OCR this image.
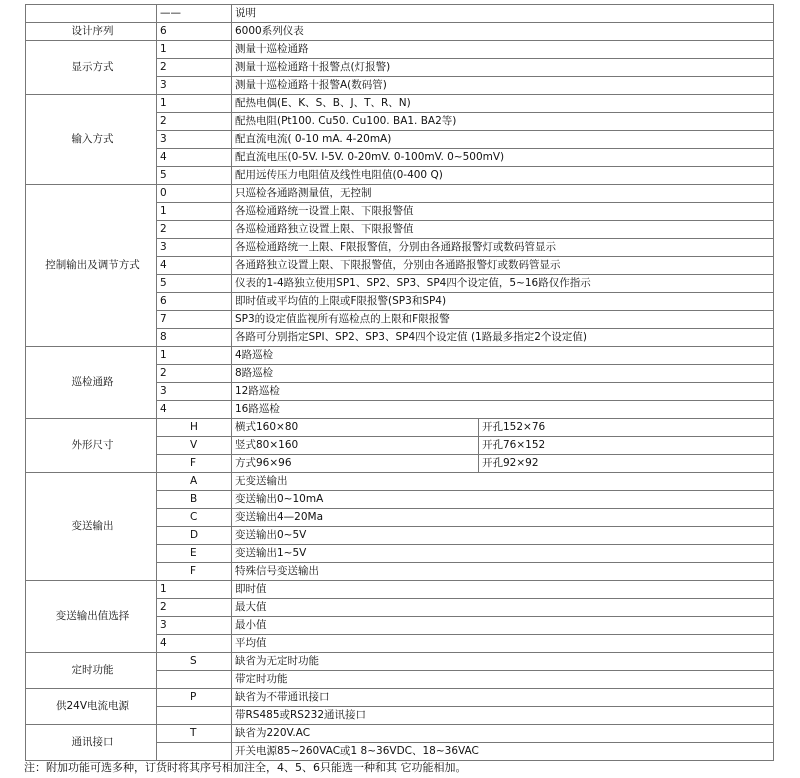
	——	说明	
设计序列	6	6000系列仪表	
显示方式	1	测量十巡检通路	
	2	测量十巡检通路十报警点(灯报警)	
	3	测量十巡检通路十报警A(数码管)	
输入方式	1	配热电偶(E、K、S、B、J、T、R、N)	
	2	配热电阻(Pt100. Cu50. Cu100. BA1. BA2等)	
	3	配直流电流( 0-10 mA. 4-20mA)	
	4	配直流电压(0-5V. I-5V. 0-20mV. 0-100mV. 0~500mV)	
	5	配用远传压力电阻值及线性电阻值(0-400 Q)	
控制输出及调节方式	0	只巡检各通路测量值，无控制	
	1	各巡检通路统一设置上限、下限报警值	
	2	各巡检通路独立设置上限、下限报警值	
	3	各巡检通路统一上限、F限报警值，分别由各通路报警灯或数码管显示	
	4	各通路独立设置上限、下限报警值，分别由各通路报警灯或数码管显示	
	5	仪表的1-4路独立使用SP1、SP2、SP3、SP4四个设定值，5~16路仅作指示	
	6	即时值或平均值的上限或F限报警(SP3和SP4)	
	7	SP3的设定值监视所有巡检点的上限和F限报警	
	8	各路可分别指定SPI、SP2、SP3、SP4四个设定值 (1路最多指定2个设定值)	
巡检通路	1	4路巡检	
	2	8路巡检	
	3	12路巡检	
	4	16路巡检	
外形尺寸	H	横式160×80	开孔152×76
	V	竖式80×160	开孔76×152
	F	方式96×96	开孔92×92
变送输出	A	无变送输出	
	B	变送输出0~10mA	
	C	变送输出4—20Ma	
	D	变送输出0~5V	
	E	变送输出1~5V	
	F	特殊信号变送输出	
变送输出值选择	1	即时值	
	2	最大值	
	3	最小值	
	4	平均值	
定时功能	S	缺省为无定时功能	
		带定时功能	
供24V电流电源	P	缺省为不带通讯接口	
		带RS485或RS232通讯接口	
通讯接口	T	缺省为220V.AC	
		开关电源85~260VAC或1 8~36VDC、18~36VAC	
注：附加功能可选多种，订货时将其序号相加注全，4、5、6只能选一种和其 它功能相加。
